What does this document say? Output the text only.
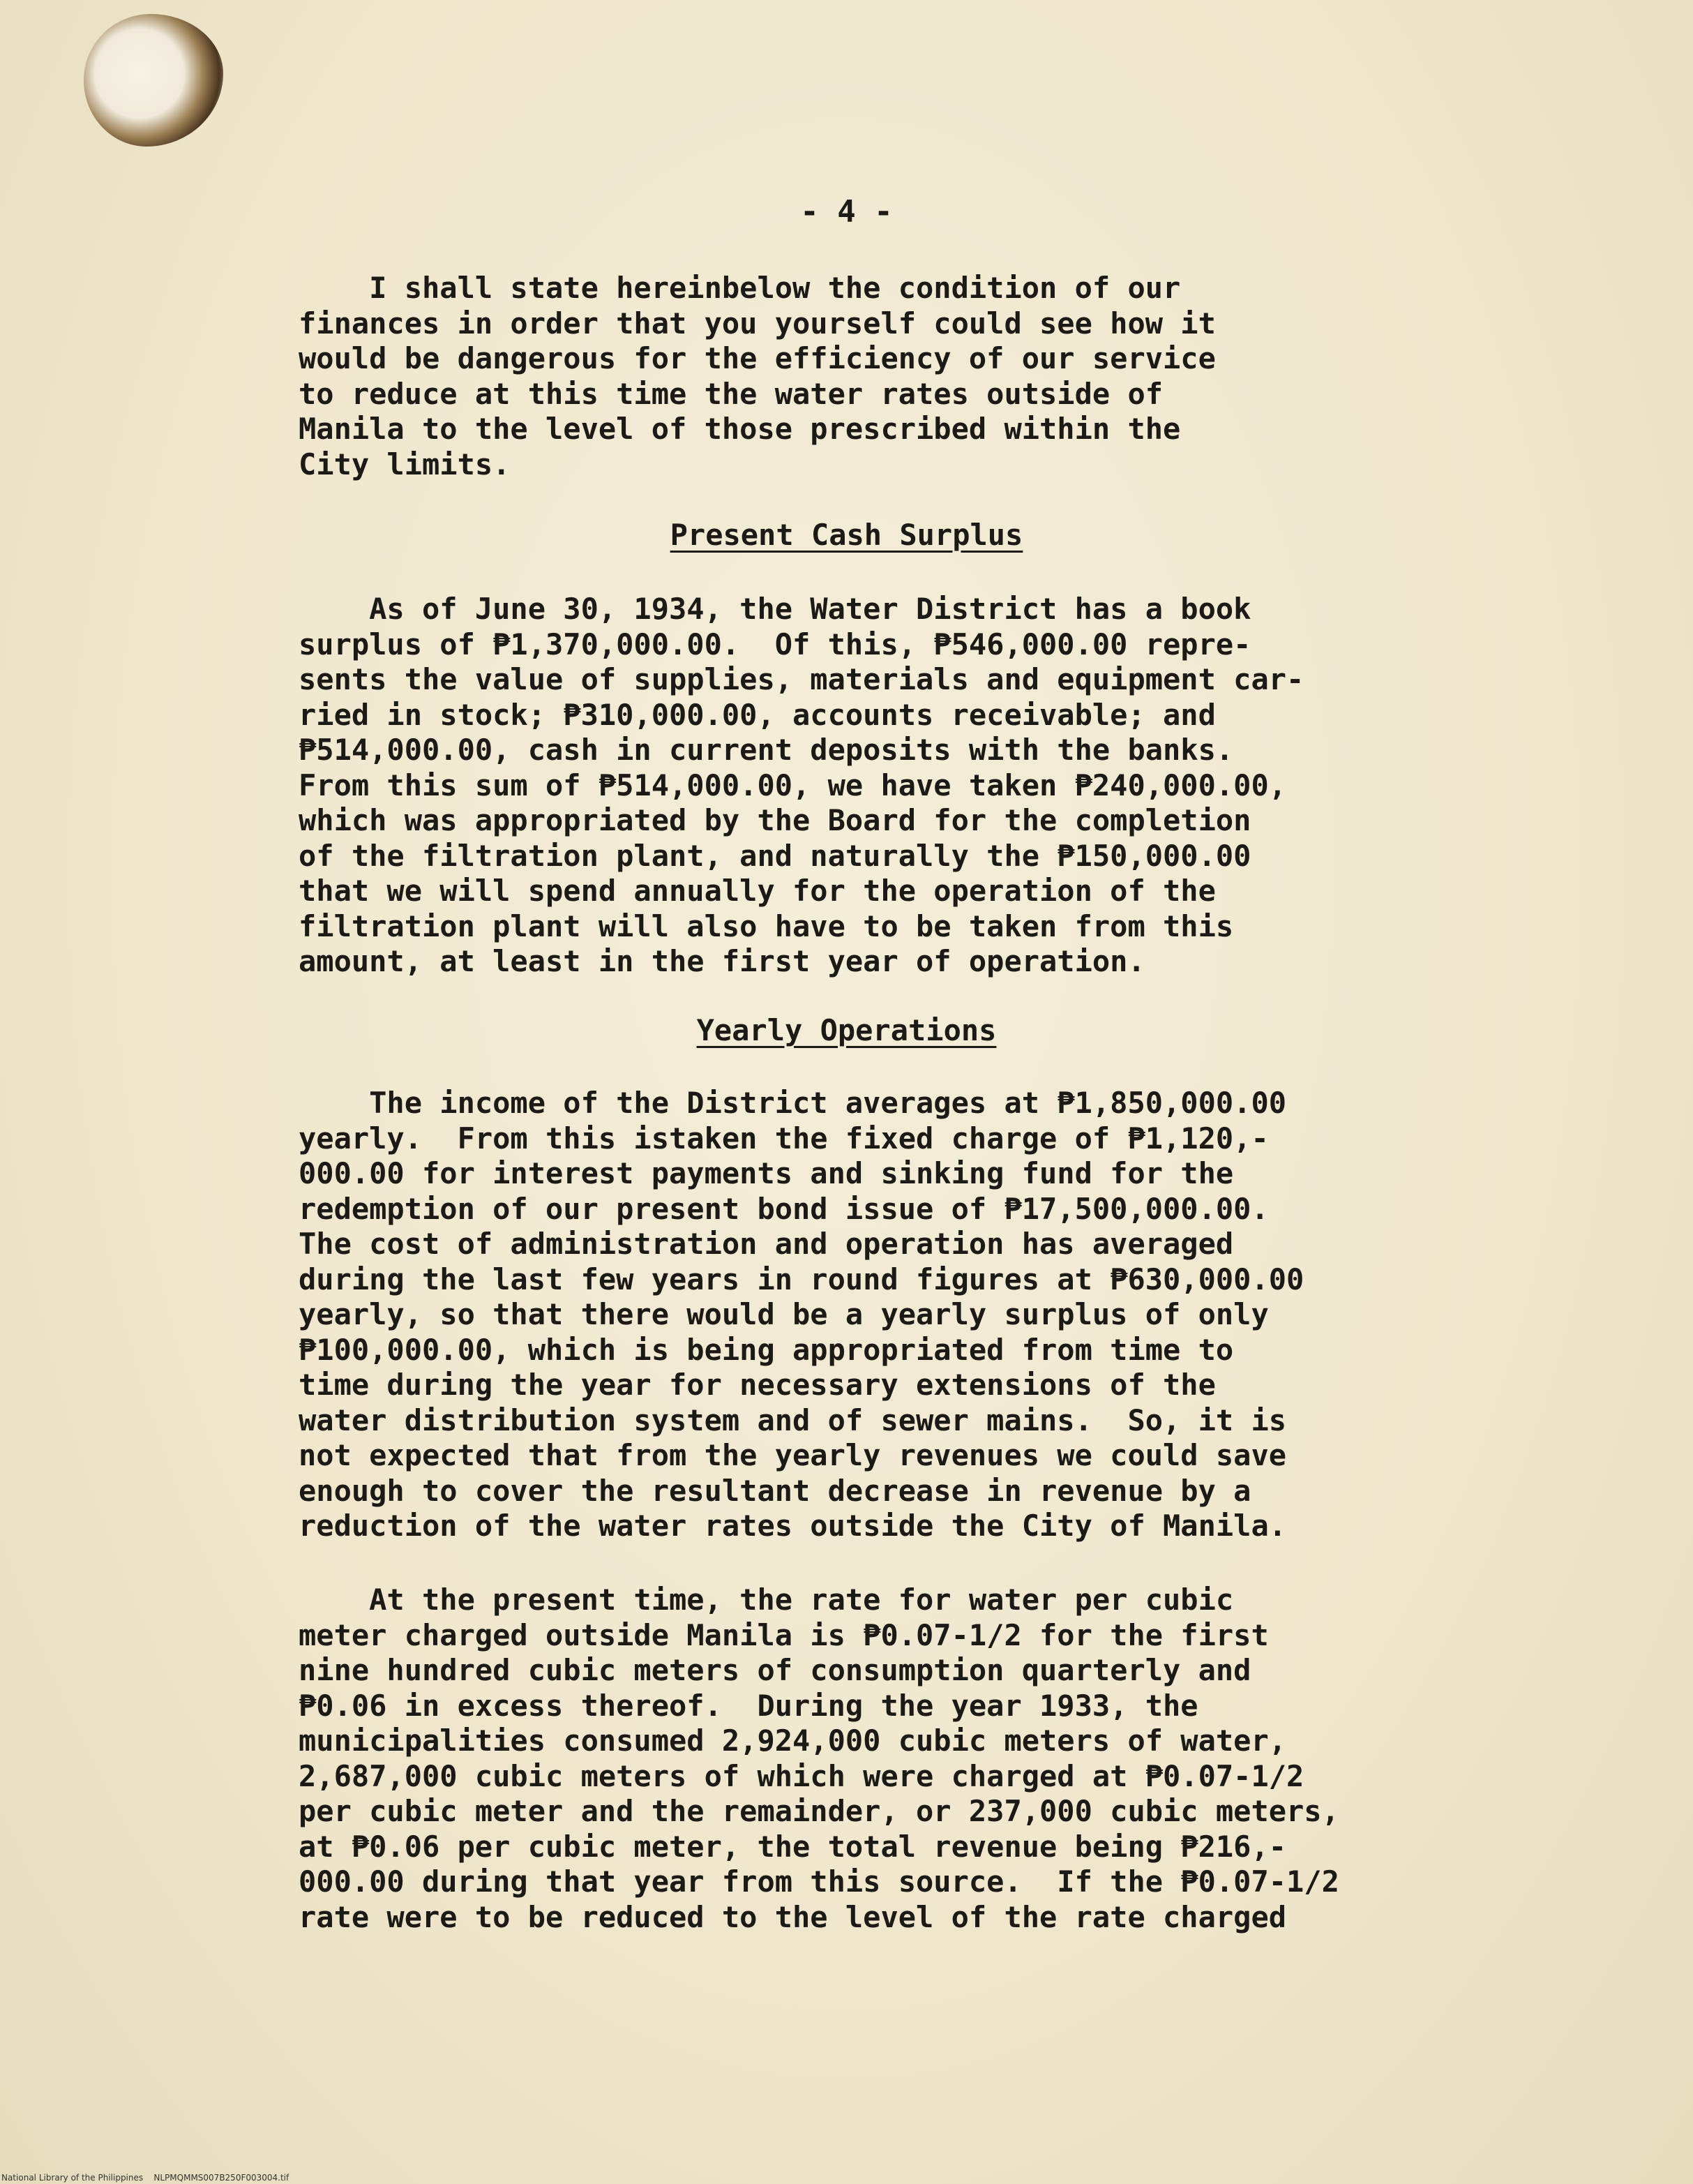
- 4 -
I shall state hereinbelow the condition of our
finances in order that you yourself could see how it
would be dangerous for the efficiency of our service
to reduce at this time the water rates outside of
Manila to the level of those prescribed within the
City limits.
Present Cash Surplus
As of June 30, 1934, the Water District has a book
surplus of ₱1,370,000.00.  Of this, ₱546,000.00 repre-
sents the value of supplies, materials and equipment car-
ried in stock; ₱310,000.00, accounts receivable; and
₱514,000.00, cash in current deposits with the banks.
From this sum of ₱514,000.00, we have taken ₱240,000.00,
which was appropriated by the Board for the completion
of the filtration plant, and naturally the ₱150,000.00
that we will spend annually for the operation of the
filtration plant will also have to be taken from this
amount, at least in the first year of operation.
Yearly Operations
The income of the District averages at ₱1,850,000.00
yearly.  From this istaken the fixed charge of ₱1,120,-
000.00 for interest payments and sinking fund for the
redemption of our present bond issue of ₱17,500,000.00.
The cost of administration and operation has averaged
during the last few years in round figures at ₱630,000.00
yearly, so that there would be a yearly surplus of only
₱100,000.00, which is being appropriated from time to
time during the year for necessary extensions of the
water distribution system and of sewer mains.  So, it is
not expected that from the yearly revenues we could save
enough to cover the resultant decrease in revenue by a
reduction of the water rates outside the City of Manila.
At the present time, the rate for water per cubic
meter charged outside Manila is ₱0.07-1/2 for the first
nine hundred cubic meters of consumption quarterly and
₱0.06 in excess thereof.  During the year 1933, the
municipalities consumed 2,924,000 cubic meters of water,
2,687,000 cubic meters of which were charged at ₱0.07-1/2
per cubic meter and the remainder, or 237,000 cubic meters,
at ₱0.06 per cubic meter, the total revenue being ₱216,-
000.00 during that year from this source.  If the ₱0.07-1/2
rate were to be reduced to the level of the rate charged
National Library of the Philippines    NLPMQMMS007B250F003004.tif
